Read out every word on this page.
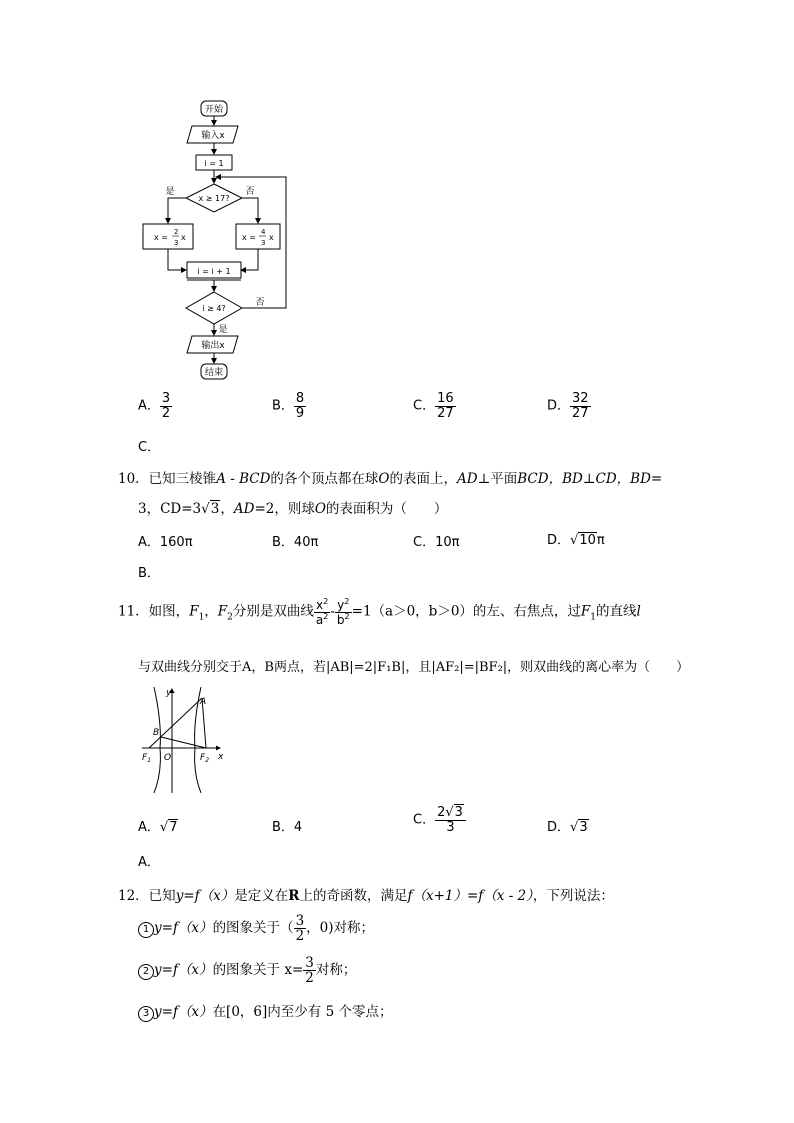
开始
输入x
i = 1
x ≥ 17?
是	否
x =
2
3
x	x =
4
3
x
i = i + 1
i ≥ 4?
否
是
输出x
结束
A． $\frac{3}{2}$	B． $\frac{8}{9}$	C． $\frac{16}{27}$	D． $\frac{32}{27}$
C．
10．已知三棱锥A - BCD的各个顶点都在球O的表面上，AD⊥平面BCD，BD⊥CD，BD=
3，CD=3√3，AD=2，则球O的表面积为（　　）
A．160π	B．40π	C．10π	D．√10π
B．
11．如图，$F_1$，$F_2$分别是双曲线 $\frac{x^2}{a^2} - \frac{y^2}{b^2} =1(a>0$，b＞0）的左、右焦点，过$F_1$的直线l
与双曲线分别交于A，B两点，若|AB|=2|F₁B|，且|AF₂|=|BF₂|，则双曲线的离心率为（　　）
y
x
A
B
O
$F_1$	$F_2$
A．√7	B．4	C． $\frac{2√3}{3}$	D．√3
A．
12．已知y=f（x）是定义在R上的奇函数，满足f（x+1）=f（x - 2），下列说法：
1 y=f（x）的图象关于（ $\frac{3}{2}$ ，0)对称；
2 y=f（x）的图象关于 $x= \frac{3}{2}$ 对称；
3 y=f（x）在[0，6]内至少有 5 个零点；
